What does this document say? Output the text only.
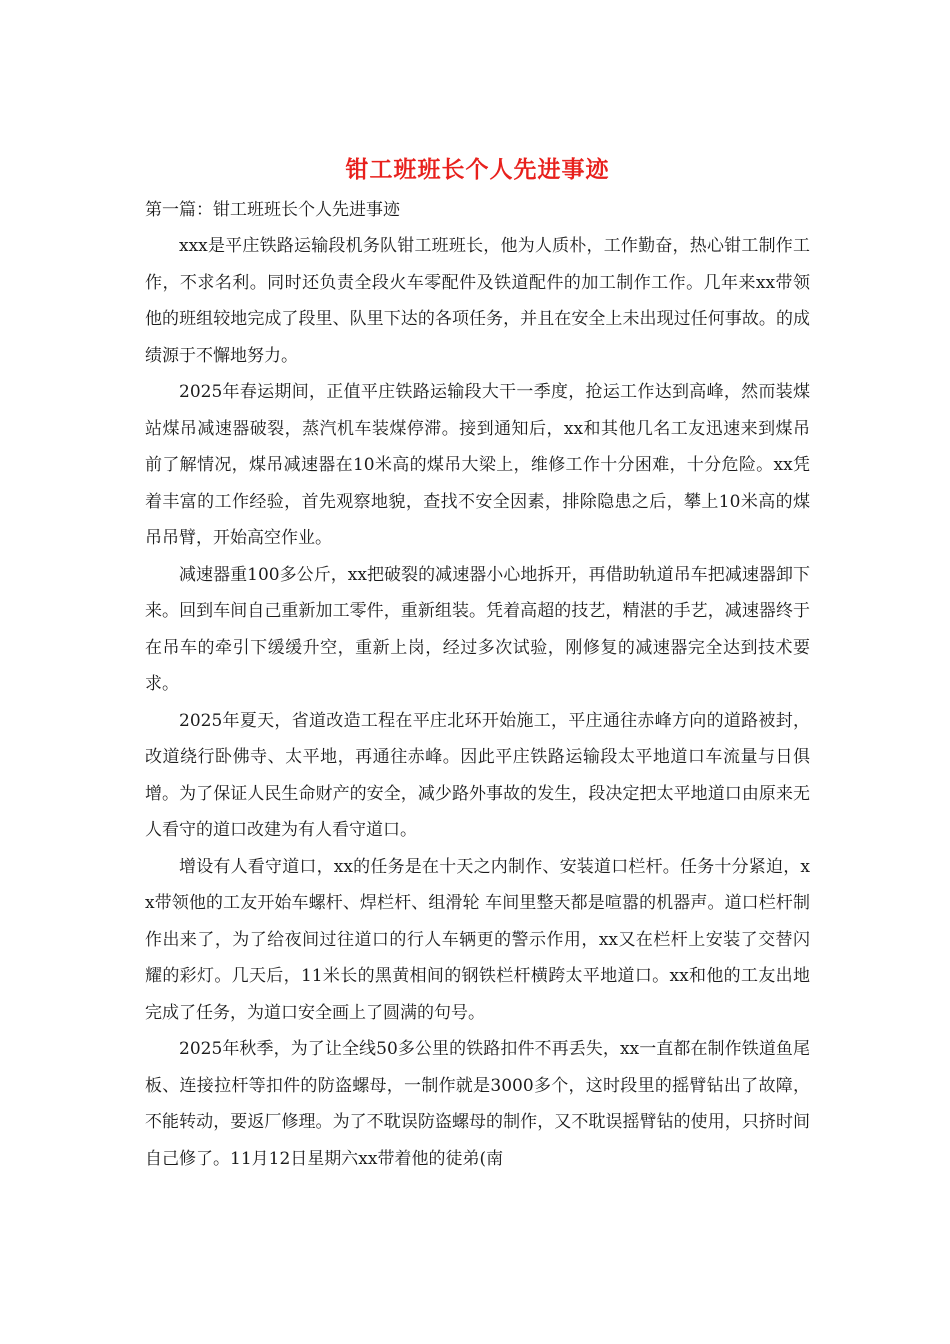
钳工班班长个人先进事迹

第一篇：钳工班班长个人先进事迹

xxx是平庄铁路运输段机务队钳工班班长，他为人质朴，工作勤奋，热心钳工制作工作，不求名利。同时还负责全段火车零配件及铁道配件的加工制作工作。几年来xx带领他的班组较地完成了段里、队里下达的各项任务，并且在安全上未出现过任何事故。的成绩源于不懈地努力。

2025年春运期间，正值平庄铁路运输段大干一季度，抢运工作达到高峰，然而装煤站煤吊减速器破裂，蒸汽机车装煤停滞。接到通知后，xx和其他几名工友迅速来到煤吊前了解情况，煤吊减速器在10米高的煤吊大梁上，维修工作十分困难，十分危险。xx凭着丰富的工作经验，首先观察地貌，查找不安全因素，排除隐患之后，攀上10米高的煤吊吊臂，开始高空作业。

减速器重100多公斤，xx把破裂的减速器小心地拆开，再借助轨道吊车把减速器卸下来。回到车间自己重新加工零件，重新组装。凭着高超的技艺，精湛的手艺，减速器终于在吊车的牵引下缓缓升空，重新上岗，经过多次试验，刚修复的减速器完全达到技术要求。

2025年夏天，省道改造工程在平庄北环开始施工，平庄通往赤峰方向的道路被封，改道绕行卧佛寺、太平地，再通往赤峰。因此平庄铁路运输段太平地道口车流量与日俱增。为了保证人民生命财产的安全，减少路外事故的发生，段决定把太平地道口由原来无人看守的道口改建为有人看守道口。

增设有人看守道口，xx的任务是在十天之内制作、安装道口栏杆。任务十分紧迫，xx带领他的工友开始车螺杆、焊栏杆、组滑轮 车间里整天都是喧嚣的机器声。道口栏杆制作出来了，为了给夜间过往道口的行人车辆更的警示作用，xx又在栏杆上安装了交替闪耀的彩灯。几天后，11米长的黑黄相间的钢铁栏杆横跨太平地道口。xx和他的工友出地完成了任务，为道口安全画上了圆满的句号。

2025年秋季，为了让全线50多公里的铁路扣件不再丢失，xx一直都在制作铁道鱼尾板、连接拉杆等扣件的防盗螺母，一制作就是3000多个，这时段里的摇臂钻出了故障，不能转动，要返厂修理。为了不耽误防盗螺母的制作，又不耽误摇臂钻的使用，只挤时间自己修了。11月12日星期六xx带着他的徒弟(南
